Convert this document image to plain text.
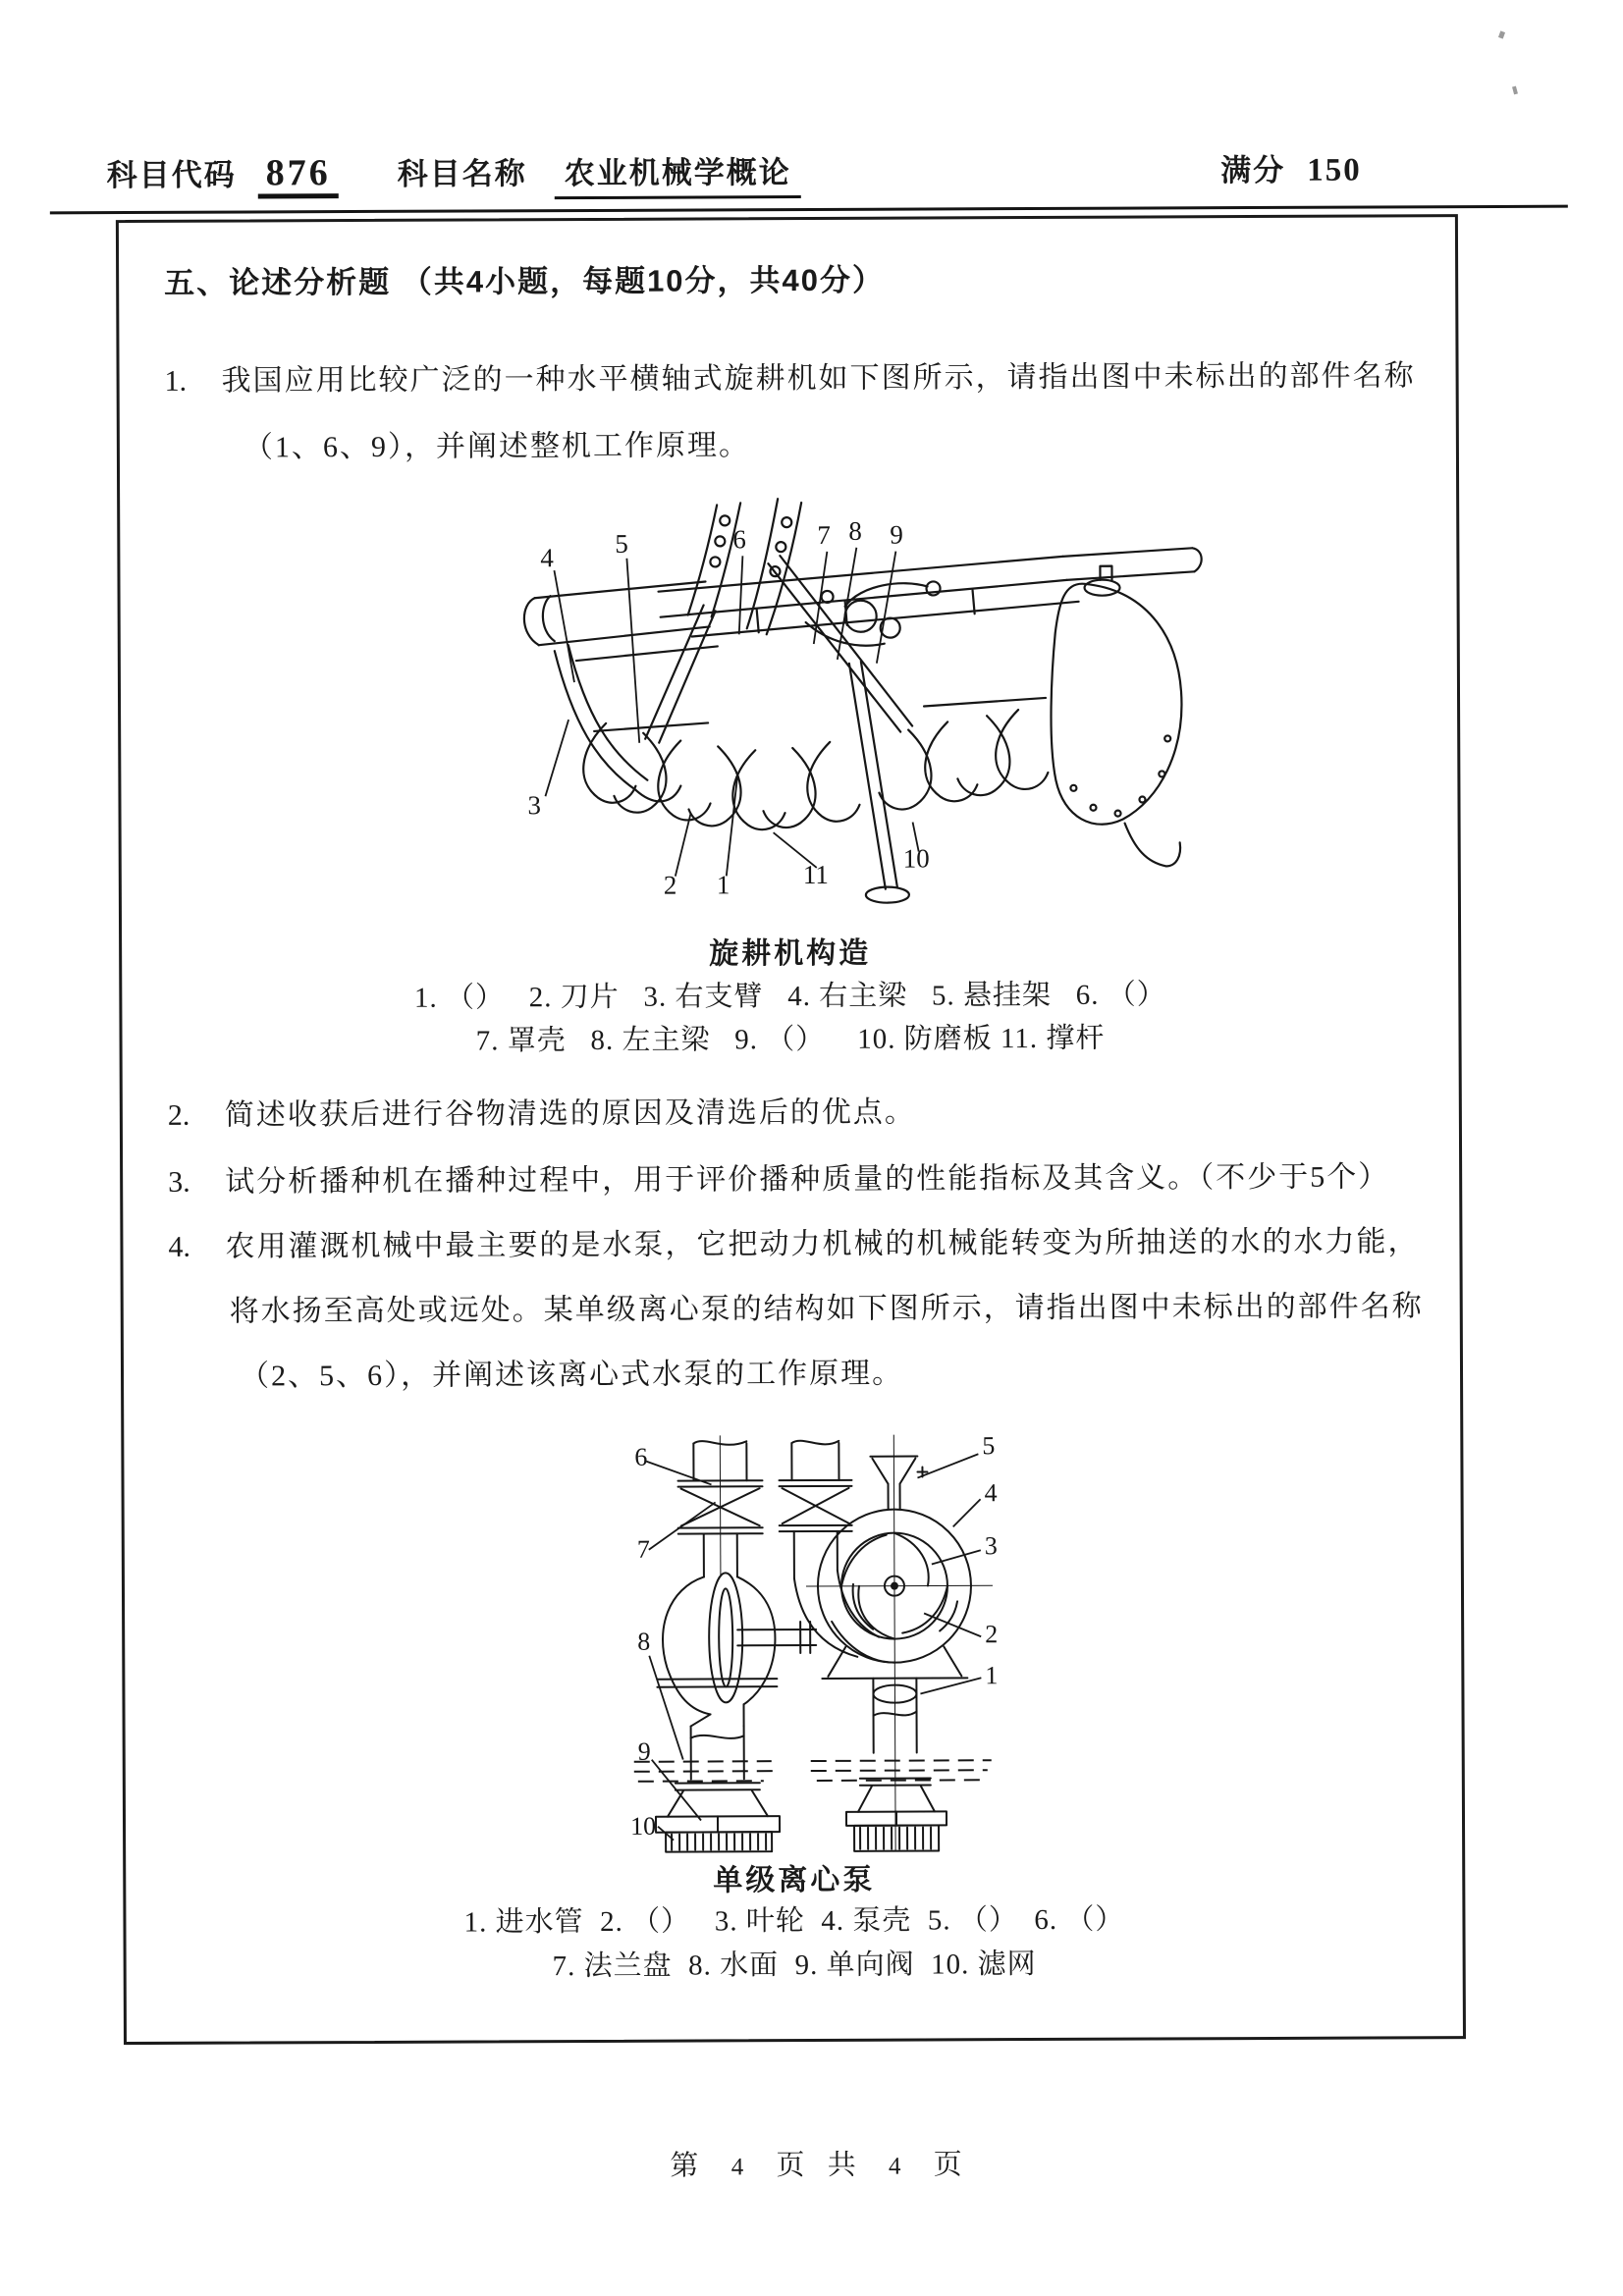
科目代码 876 科目名称	农业机械学概论	满分 150
五、论述分析题 （共4小题，每题10分，共40分）
1. 我国应用比较广泛的一种水平横轴式旋耕机如下图所示，请指出图中未标出的部件名称
（1、6、9），并阐述整机工作原理。
4 5	6	7 8 9
3
2 1	11
10
旋耕机构造
1. （）   2. 刀片   3. 右支臂   4. 右主梁   5. 悬挂架   6. （）
7. 罩壳   8. 左主梁   9. （）    10. 防磨板 11. 撑杆
2. 简述收获后进行谷物清选的原因及清选后的优点。
3. 试分析播种机在播种过程中，用于评价播种质量的性能指标及其含义。（不少于5个）
4. 农用灌溉机械中最主要的是水泵，它把动力机械的机械能转变为所抽送的水的水力能，
将水扬至高处或远处。某单级离心泵的结构如下图所示，请指出图中未标出的部件名称
（2、5、6），并阐述该离心式水泵的工作原理。
6
7
5
4
3
2
1
8
9
10
单级离心泵
1. 进水管  2. （）   3. 叶轮  4. 泵壳  5. （）  6. （）
7. 法兰盘  8. 水面  9. 单向阀  10. 滤网
第 4 页 共 4 页
